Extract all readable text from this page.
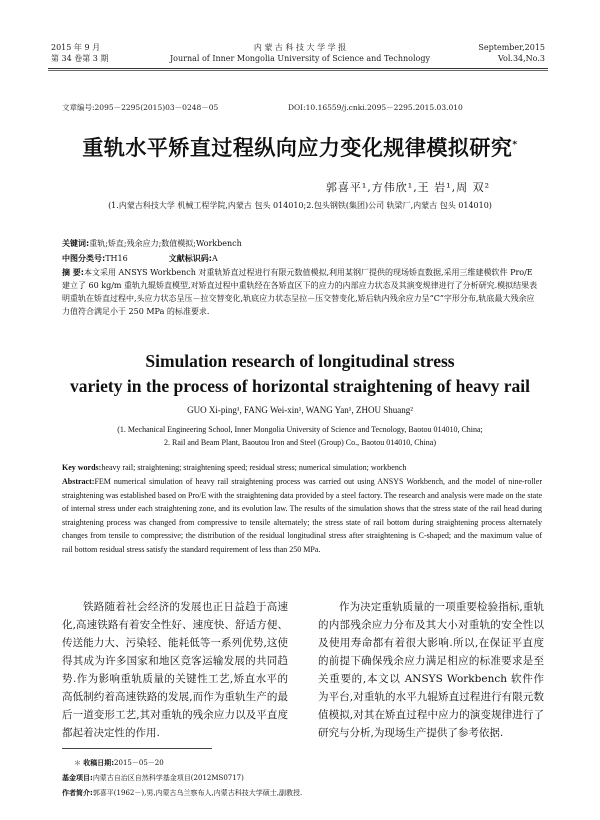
2015 年 9 月
第 34 卷第 3 期
内 蒙 古 科 技 大 学 学 报
Journal of Inner Mongolia University of Science and Technology
September,2015
Vol.34,No.3
文章编号:2095－2295(2015)03－0248－05	DOI:10.16559/j.cnki.2095－2295.2015.03.010
重轨水平矫直过程纵向应力变化规律模拟研究*
郭喜平¹,方伟欣¹,王 岩¹,周 双²
(1.内蒙古科技大学 机械工程学院,内蒙古 包头 014010;2.包头钢铁(集团)公司 轨梁厂,内蒙古 包头 014010)
关键词:重轨;矫直;残余应力;数值模拟;Workbench
中图分类号:TH16	文献标识码:A
摘 要:本文采用 ANSYS Workbench 对重轨矫直过程进行有限元数值模拟,利用某钢厂提供的现场矫直数据,采用三维建模软件 Pro/E 建立了 60 kg/m 重轨九辊矫直模型,对矫直过程中重轨经在各矫直区下的应力的内部应力状态及其演变规律进行了分析研究.模拟结果表明重轨在矫直过程中,头应力状态呈压－拉交替变化,轨底应力状态呈拉－压交替变化,矫后轨内残余应力呈“C”字形分布,轨底最大残余应力值符合满足小于 250 MPa 的标准要求.
Simulation research of longitudinal stress
variety in the process of horizontal straightening of heavy rail
GUO Xi-ping¹, FANG Wei-xin¹, WANG Yan¹, ZHOU Shuang²
(1. Mechanical Engineering School, Inner Mongolia University of Science and Tecnology, Baotou 014010, China;
2. Rail and Beam Plant, Baoutou Iron and Steel (Group) Co., Baotou 014010, China)
Key words:heavy rail; straightening; straightening speed; residual stress; numerical simulation; workbench
Abstract:FEM numerical simulation of heavy rail straightening process was carried out using ANSYS Workbench, and the model of nine-roller straightening was established based on Pro/E with the straightening data provided by a steel factory. The research and analysis were made on the state of internal stress under each straightening zone, and its evolution law. The results of the simulation shows that the stress state of the rail head during straightening process was changed from compressive to tensile alternately; the stress state of rail bottom during straightening process alternately changes from tensile to compressive; the distribution of the residual longitudinal stress after straightening is C-shaped; and the maximum value of rail bottom residual stress satisfy the standard requirement of less than 250 MPa.
铁路随着社会经济的发展也正日益趋于高速化,高速铁路有着安全性好、速度快、舒适方便、传送能力大、污染轻、能耗低等一系列优势,这使得其成为许多国家和地区竞客运输发展的共同趋势.作为影响重轨质量的关键性工艺,矫直水平的高低制约着高速铁路的发展,而作为重轨生产的最后一道变形工艺,其对重轨的残余应力以及平直度都起着决定性的作用.
作为决定重轨质量的一项重要检验指标,重轨的内部残余应力分布及其大小对重轨的安全性以及使用寿命都有着很大影响.所以,在保证平直度的前提下确保残余应力满足相应的标准要求是至关重要的,本文以 ANSYS Workbench 软件作为平台,对重轨的水平九辊矫直过程进行有限元数值模拟,对其在矫直过程中应力的演变规律进行了研究与分析,为现场生产提供了参考依据.
＊ 收稿日期:2015－05－20
基金项目:内蒙古自治区自然科学基金项目(2012MS0717)
作者简介:郭喜平(1962－),男,内蒙古乌兰察布人,内蒙古科技大学硕士,副教授.
